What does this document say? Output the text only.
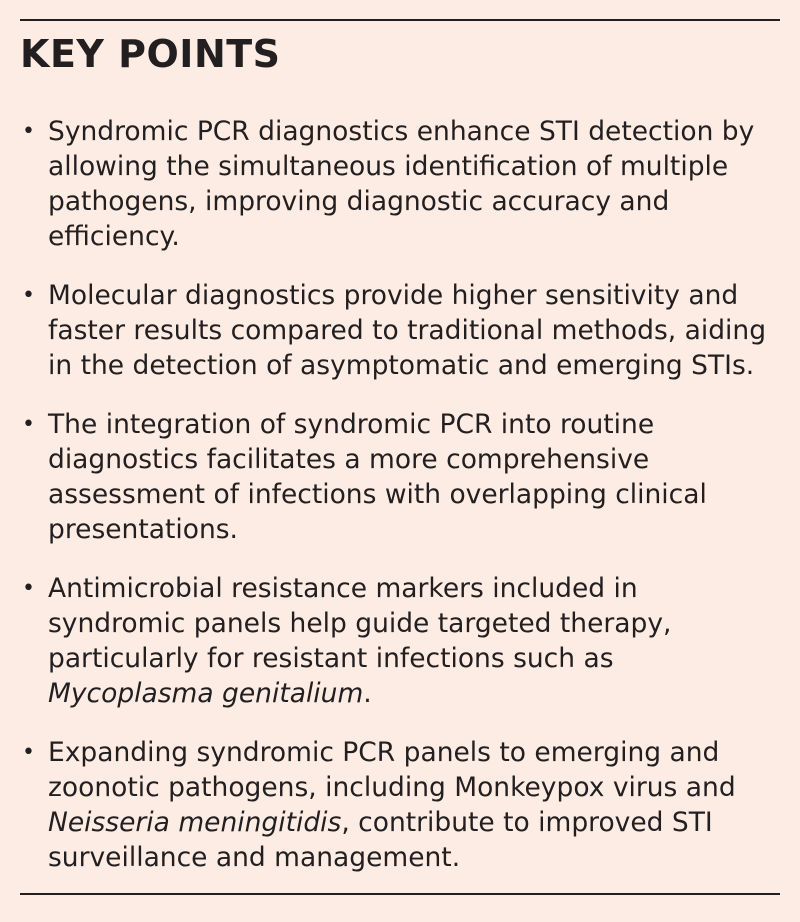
KEY POINTS
• Syndromic PCR diagnostics enhance STI detection by allowing the simultaneous identification of multiple pathogens, improving diagnostic accuracy and efficiency.
• Molecular diagnostics provide higher sensitivity and faster results compared to traditional methods, aiding in the detection of asymptomatic and emerging STIs.
• The integration of syndromic PCR into routine diagnostics facilitates a more comprehensive assessment of infections with overlapping clinical presentations.
• Antimicrobial resistance markers included in syndromic panels help guide targeted therapy, particularly for resistant infections such as Mycoplasma genitalium.
• Expanding syndromic PCR panels to emerging and zoonotic pathogens, including Monkeypox virus and Neisseria meningitidis, contribute to improved STI surveillance and management.
